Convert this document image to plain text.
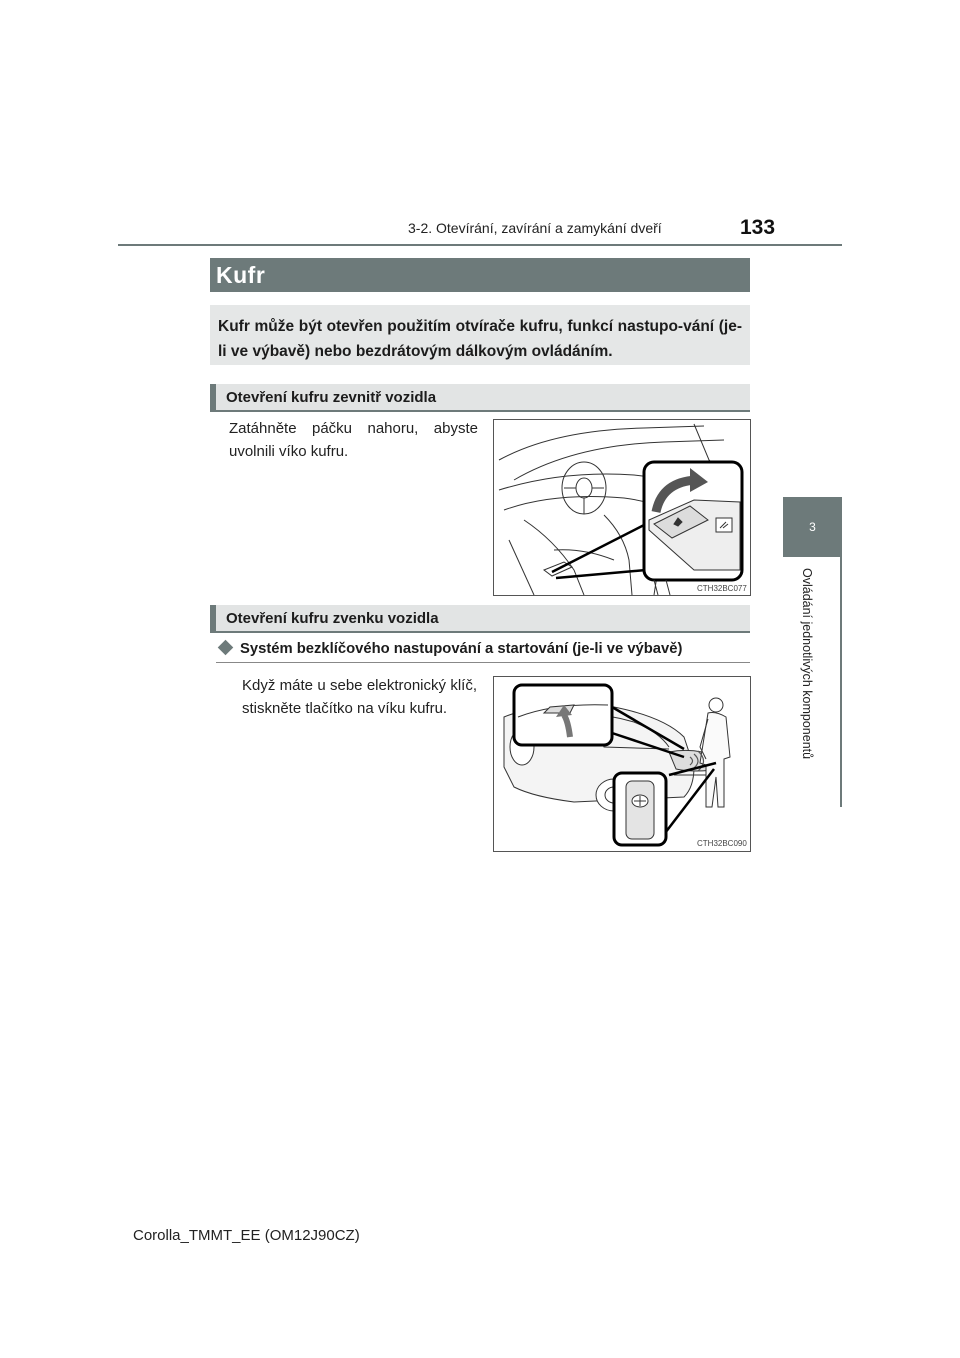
3-2. Otevírání, zavírání a zamykání dveří	133
3
Ovládání jednotlivých komponentů
Kufr
Kufr může být otevřen použitím otvírače kufru, funkcí nastupo-vání (je-li ve výbavě) nebo bezdrátovým dálkovým ovládáním.
Otevření kufru zevnitř vozidla
Zatáhněte páčku nahoru, abyste uvolnili víko kufru.
CTH32BC077
Otevření kufru zvenku vozidla
Systém bezklíčového nastupování a startování (je-li ve výbavě)
Když máte u sebe elektronický klíč, stiskněte tlačítko na víku kufru.
CTH32BC090
Corolla_TMMT_EE (OM12J90CZ)
